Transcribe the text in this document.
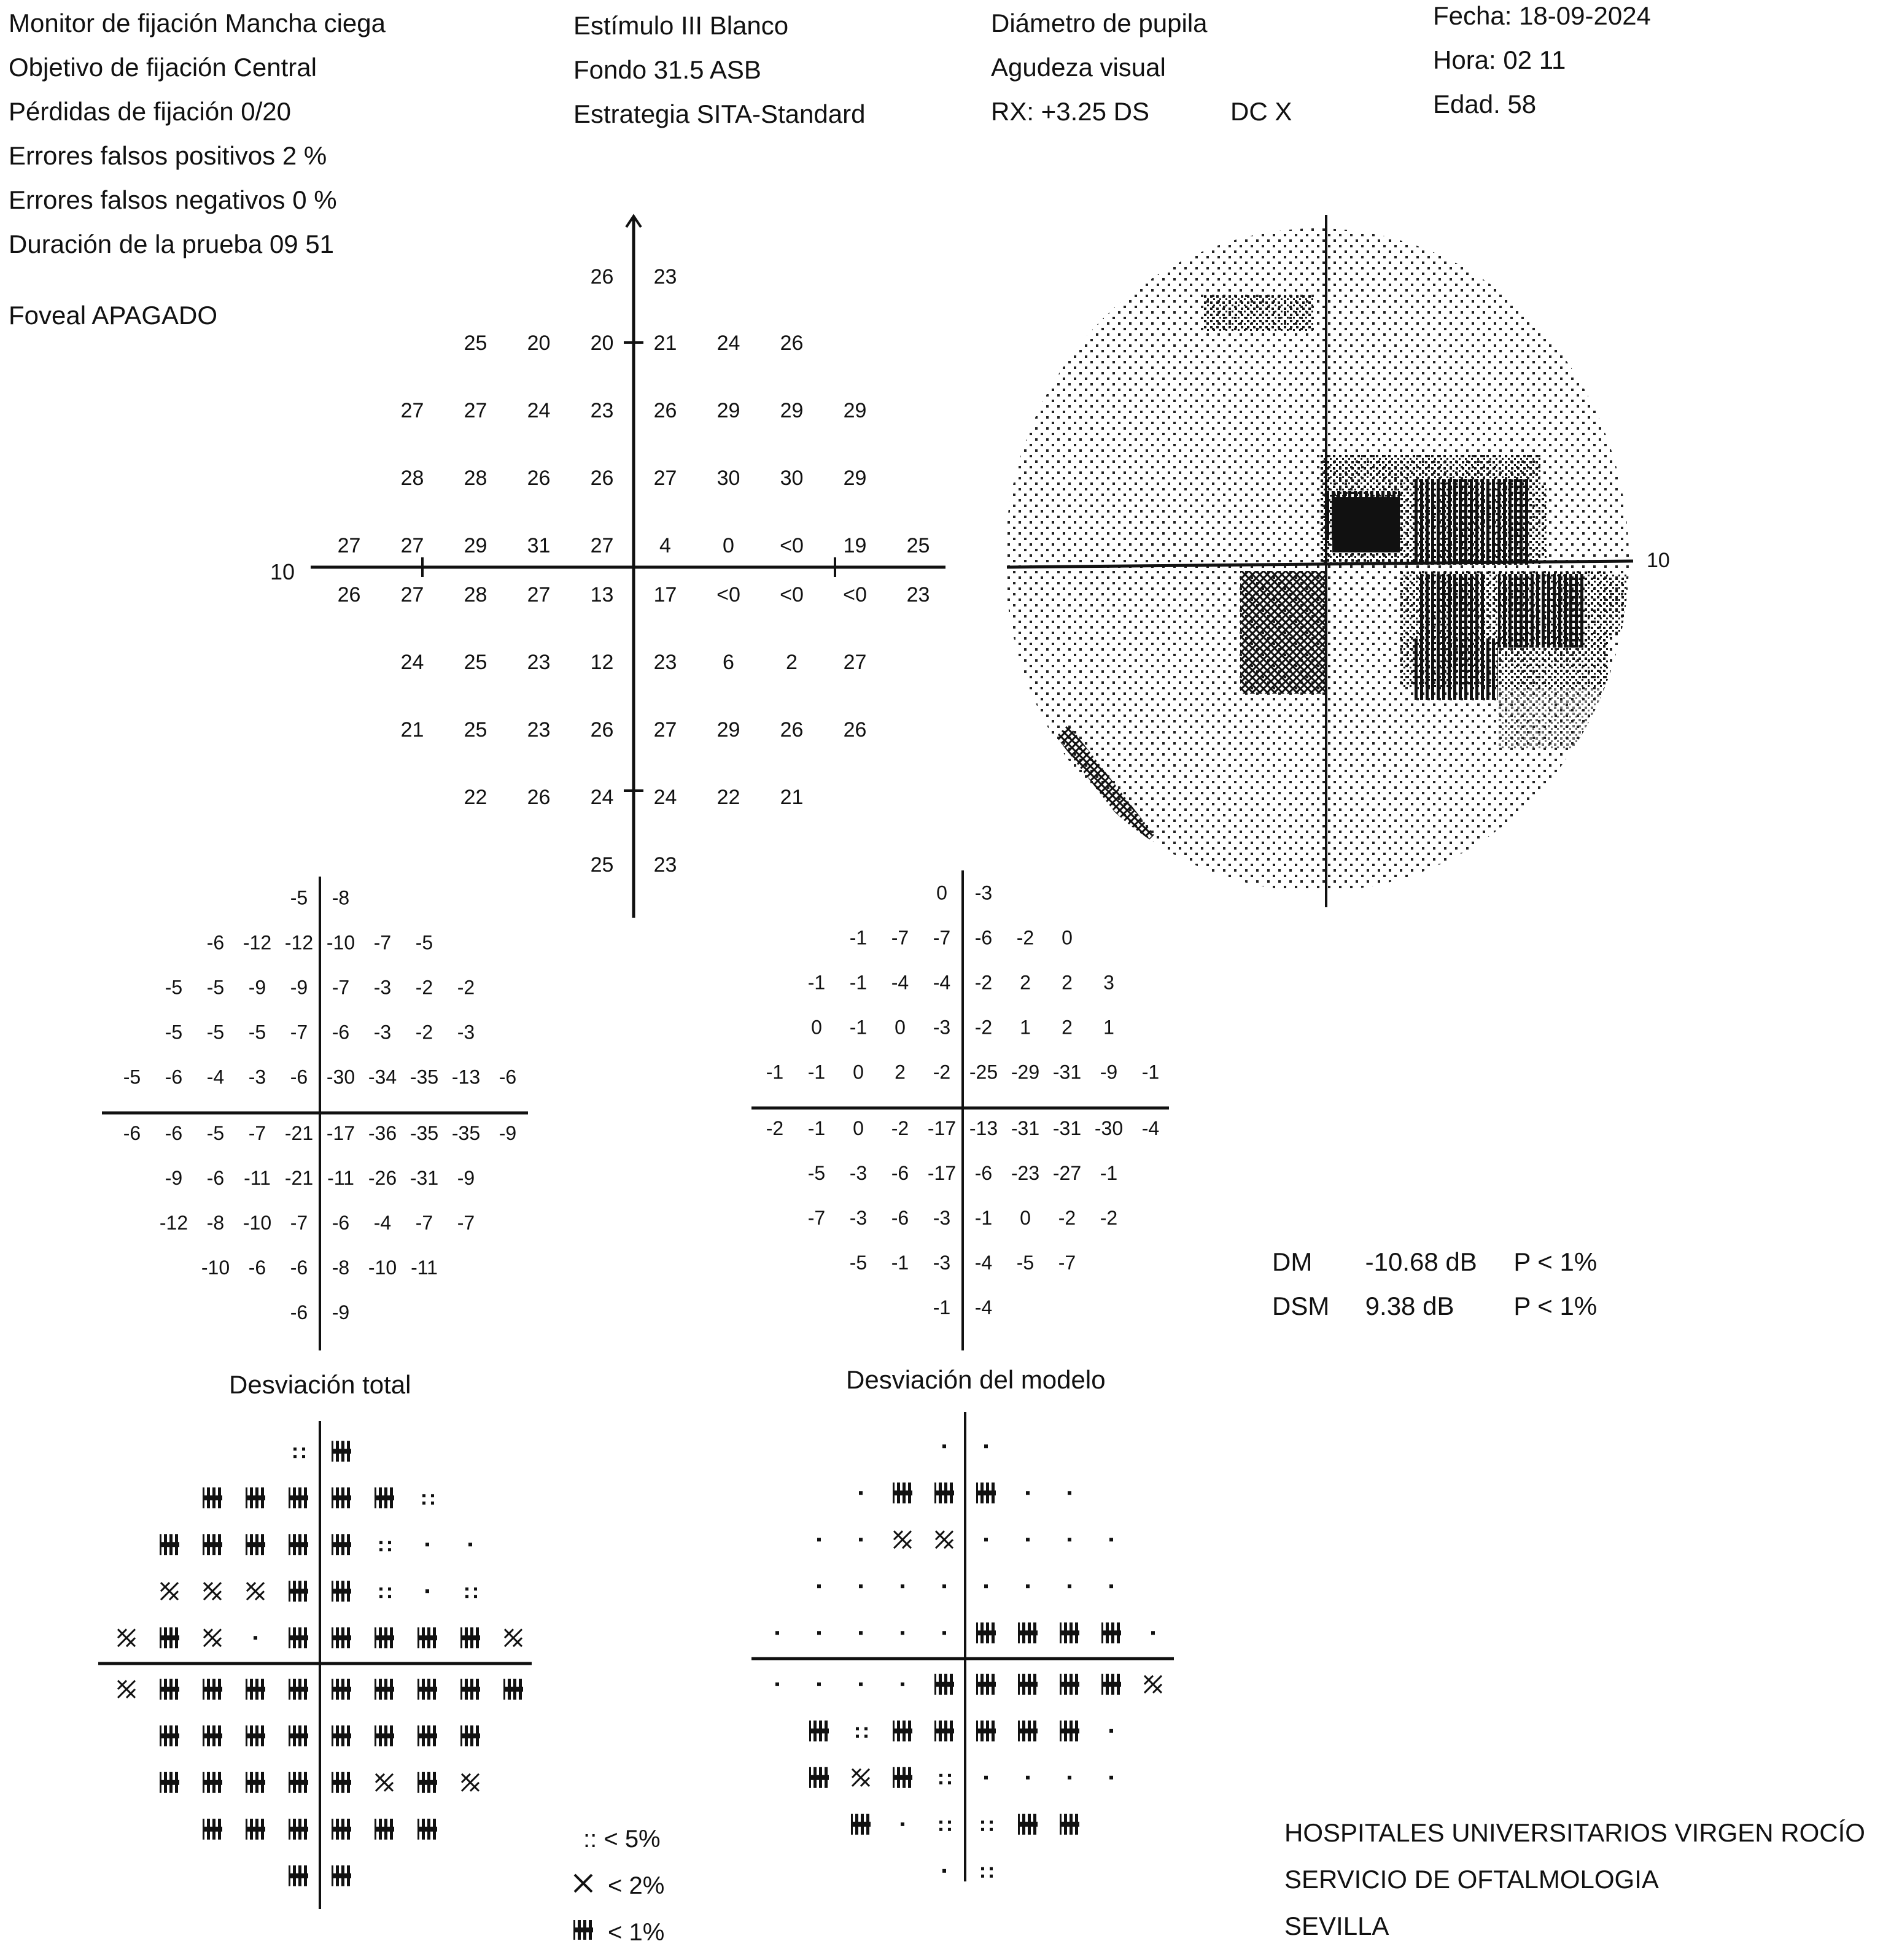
Monitor de fijación Mancha ciega
Objetivo de fijación Central
Pérdidas de fijación 0/20
Errores falsos positivos 2 %
Errores falsos negativos 0 %
Duración de la prueba 09 51
Foveal APAGADO
Estímulo III Blanco
Fondo 31.5 ASB
Estrategia SITA-Standard
Diámetro de pupila
Agudeza visual
RX: +3.25 DS	DC X
Fecha: 18-09-2024
Hora: 02 11
Edad. 58
10
26 23
25 20 20 21 24 26
27 27 24 23 26 29 29 29
28 28 26 26 27 30 30 29
27 27 29 31 27 4 0 <0 19 25
26 27 28 27 13 17 <0 <0 <0 23
24 25 23 12 23 6 2 27
21 25 23 26 27 29 26 26
22 26 24 24 22 21
25 23
10
-5 -8
-6 -12 -12 -10 -7 -5
-5 -5 -9 -9 -7 -3 -2 -2
-5 -5 -5 -7 -6 -3 -2 -3
-5 -6 -4 -3 -6 -30 -34 -35 -13 -6
-6 -6 -5 -7 -21 -17 -36 -35 -35 -9
-9 -6 -11 -21 -11 -26 -31 -9
-12 -8 -10 -7 -6 -4 -7 -7
-10 -6 -6 -8 -10 -11
-6 -9
Desviación total
0 -3
-1 -7 -7 -6 -2 0
-1 -1 -4 -4 -2 2 2 3
0 -1 0 -3 -2 1 2 1
-1 -1 0 2 -2 -25 -29 -31 -9 -1
-2 -1 0 -2 -17 -13 -31 -31 -30 -4
-5 -3 -6 -17 -6 -23 -27 -1
-7 -3 -6 -3 -1 0 -2 -2
-5 -1 -3 -4 -5 -7
-1 -4
Desviación del modelo
:: < 5%
< 2%
< 1%
DM -10.68 dB P < 1%
DSM 9.38 dB P < 1%
HOSPITALES UNIVERSITARIOS VIRGEN ROCÍO
SERVICIO DE OFTALMOLOGIA
SEVILLA
